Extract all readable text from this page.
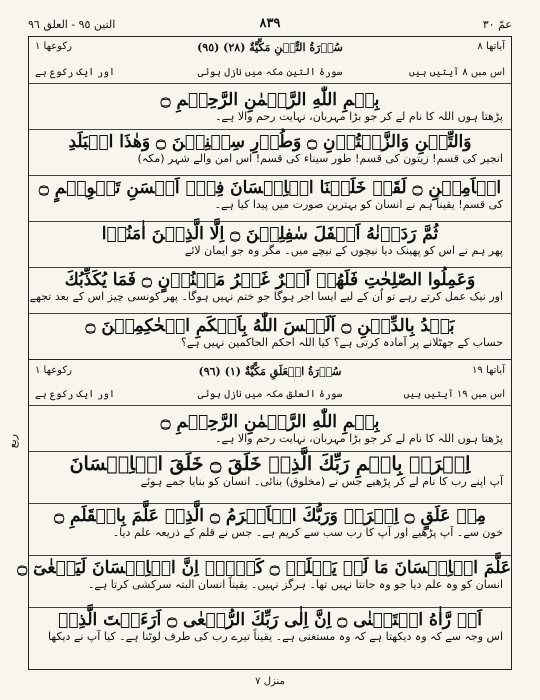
التين ٩٥ - العلق ٩٦	٨٣٩	عمّ ٣٠
ربع
آیاتھا ٨
(٩٥) سُوۡرَةُ التِّيۡنِ مَكِّيَّةٌ (٢٨)
رکوعھا ١
اس میں ٨ آیتیں ہیں
سورۂ التین مکہ میں نازل ہوئی
اور ایک رکوع ہے
بِسۡمِ اللّٰهِ الرَّحۡمٰنِ الرَّحِيۡمِ ۝
پڑھتا ہوں اللہ کا نام لے کر جو بڑا مہربان، نہایت رحم والا ہے۔
وَالتِّيۡنِ وَالزَّيۡتُوۡنِ ۝ وَطُوۡرِ سِيۡنِيۡنَ ۝ وَهٰذَا الۡبَلَدِ
انجیر کی قسم! زیتون کی قسم! طور سیناء کی قسم! اس امن والے شہر (مکہ)
الۡاَمِيۡنِ ۝ لَقَدۡ خَلَقۡنَا الۡاِنۡسَانَ فِىۡۤ اَحۡسَنِ تَقۡوِيۡمٍ ۝
کی قسم! یقیناً ہم نے انسان کو بہترین صورت میں پیدا کیا ہے۔
ثُمَّ رَدَدۡنٰهُ اَسۡفَلَ سٰفِلِيۡنَ ۝ اِلَّا الَّذِيۡنَ اٰمَنُوۡا
پھر ہم نے اس کو پھینک دیا نیچوں کے نیچے میں۔ مگر وہ جو ایمان لائے
وَعَمِلُوا الصّٰلِحٰتِ فَلَهُمۡ اَجۡرٌ غَيۡرُ مَمۡنُوۡنٍ ۝ فَمَا يُكَذِّبُكَ
اور نیک عمل کرتے رہے تو اُن کے لیے ایسا اجر ہوگا جو ختم نہیں ہوگا۔ پھر کونسی چیز اس کے بعد تجھے
بَعۡدُ بِالدِّيۡنِ ۝ اَلَيۡسَ اللّٰهُ بِاَحۡكَمِ الۡحٰكِمِيۡنَ ۝
حساب کے جھٹلانے پر آمادہ کرتی ہے؟ کیا اللہ احکم الحاکمین نہیں ہے؟
آیاتھا ١٩
(٩٦) سُوۡرَةُ الۡعَلَقِ مَكِّيَّةٌ (١)
رکوعھا ١
اس میں ١٩ آیتیں ہیں
سورۂ العلق مکہ میں نازل ہوئی
اور ایک رکوع ہے
بِسۡمِ اللّٰهِ الرَّحۡمٰنِ الرَّحِيۡمِ ۝
پڑھتا ہوں اللہ کا نام لے کر جو بڑا مہربان، نہایت رحم والا ہے۔
اِقۡرَاۡ بِاسۡمِ رَبِّكَ الَّذِىۡ خَلَقَ ۝ خَلَقَ الۡاِنۡسَانَ
آپ اپنے رب کا نام لے کر پڑھیے جس نے (مخلوق) بنائی۔ انسان کو بنایا جمے ہوئے
مِنۡ عَلَقٍ ۝ اِقۡرَاۡ وَرَبُّكَ الۡاَكۡرَمُ ۝ الَّذِىۡ عَلَّمَ بِالۡقَلَمِ ۝
خون سے۔ آپ پڑھیے اور آپ کا رب سب سے کریم ہے۔ جس نے قلم کے ذریعہ علم دیا۔
عَلَّمَ الۡاِنۡسَانَ مَا لَمۡ يَعۡلَمۡ ۝ كَلَّاۤ اِنَّ الۡاِنۡسَانَ لَيَطۡغٰىٓ ۝
انسان کو وہ علم دیا جو وہ جانتا نہیں تھا۔ ہرگز نہیں۔ یقیناً انسان البتہ سرکشی کرتا ہے۔
اَنۡ رَّاٰهُ اسۡتَغۡنٰى ۝ اِنَّ اِلٰى رَبِّكَ الرُّجۡعٰى ۝ اَرَءَيۡتَ الَّذِىۡ
اس وجہ سے کہ وہ دیکھتا ہے کہ وہ مستغنی ہے۔ یقیناً تیرے رب کی طرف لوٹنا ہے۔ کیا آپ نے دیکھا
منزل ٧
